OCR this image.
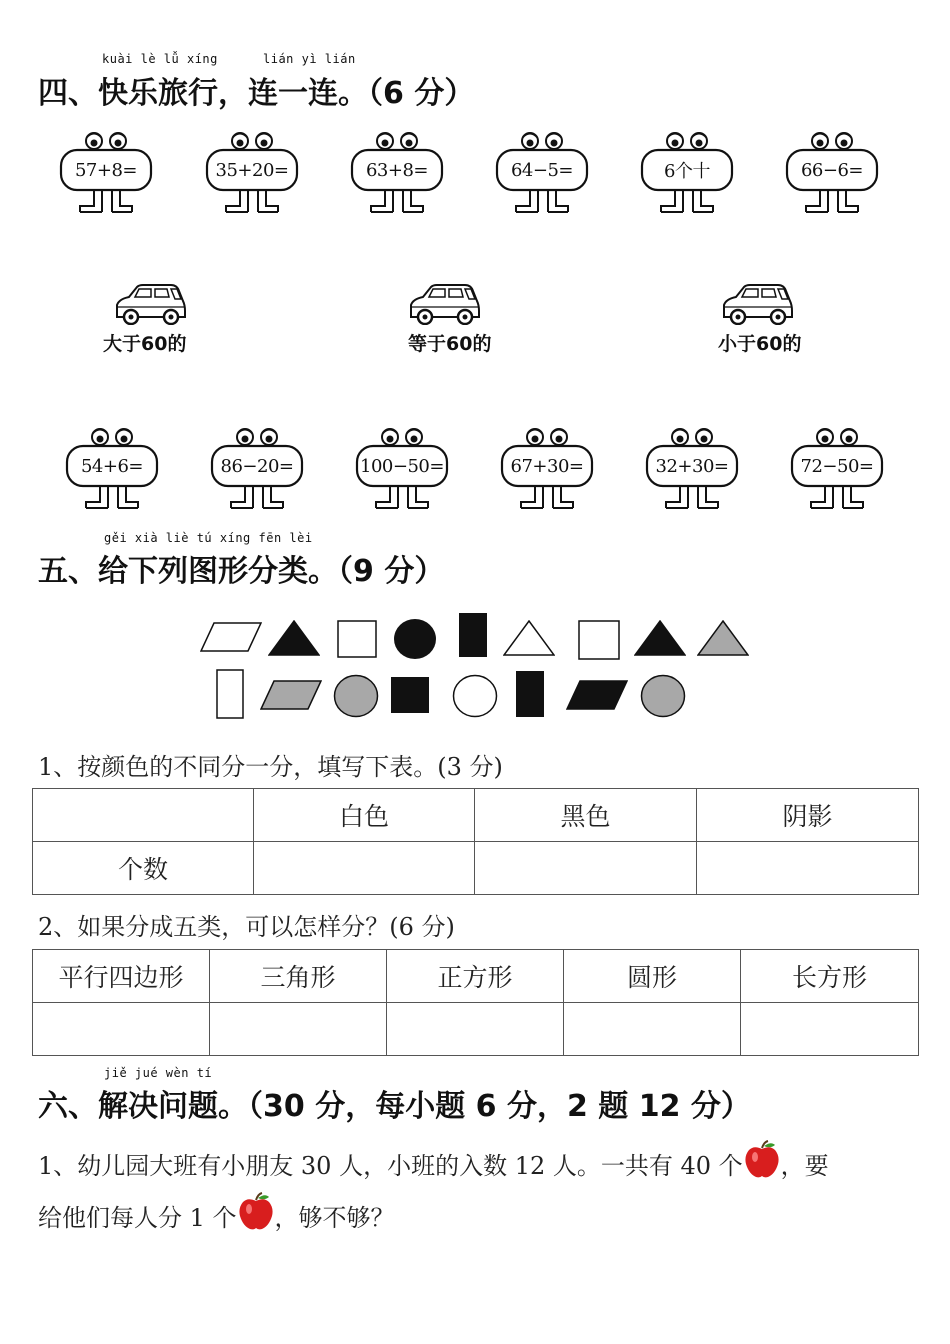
kuài lè lǚ xíng	lián yì lián
四、快乐旅行，连一连。（6 分）
57+8=	35+20=	63+8=	64−5=	6个十	66−6=
大于60的	等于60的	小于60的
54+6=	86−20=	100−50=	67+30=	32+30=	72−50=
gěi xià liè tú xíng fēn lèi
五、给下列图形分类。（9 分）
1、按颜色的不同分一分，填写下表。(3 分)
	白色	黑色	阴影
个数			
2、如果分成五类，可以怎样分？(6 分)
平行四边形	三角形	正方形	圆形	长方形

jiě jué wèn tí
六、解决问题。（30 分，每小题 6 分，2 题 12 分）
1、幼儿园大班有小朋友 30 人，小班的入数 12 人。一共有 40 个 ，要
给他们每人分 1 个 ，够不够？
